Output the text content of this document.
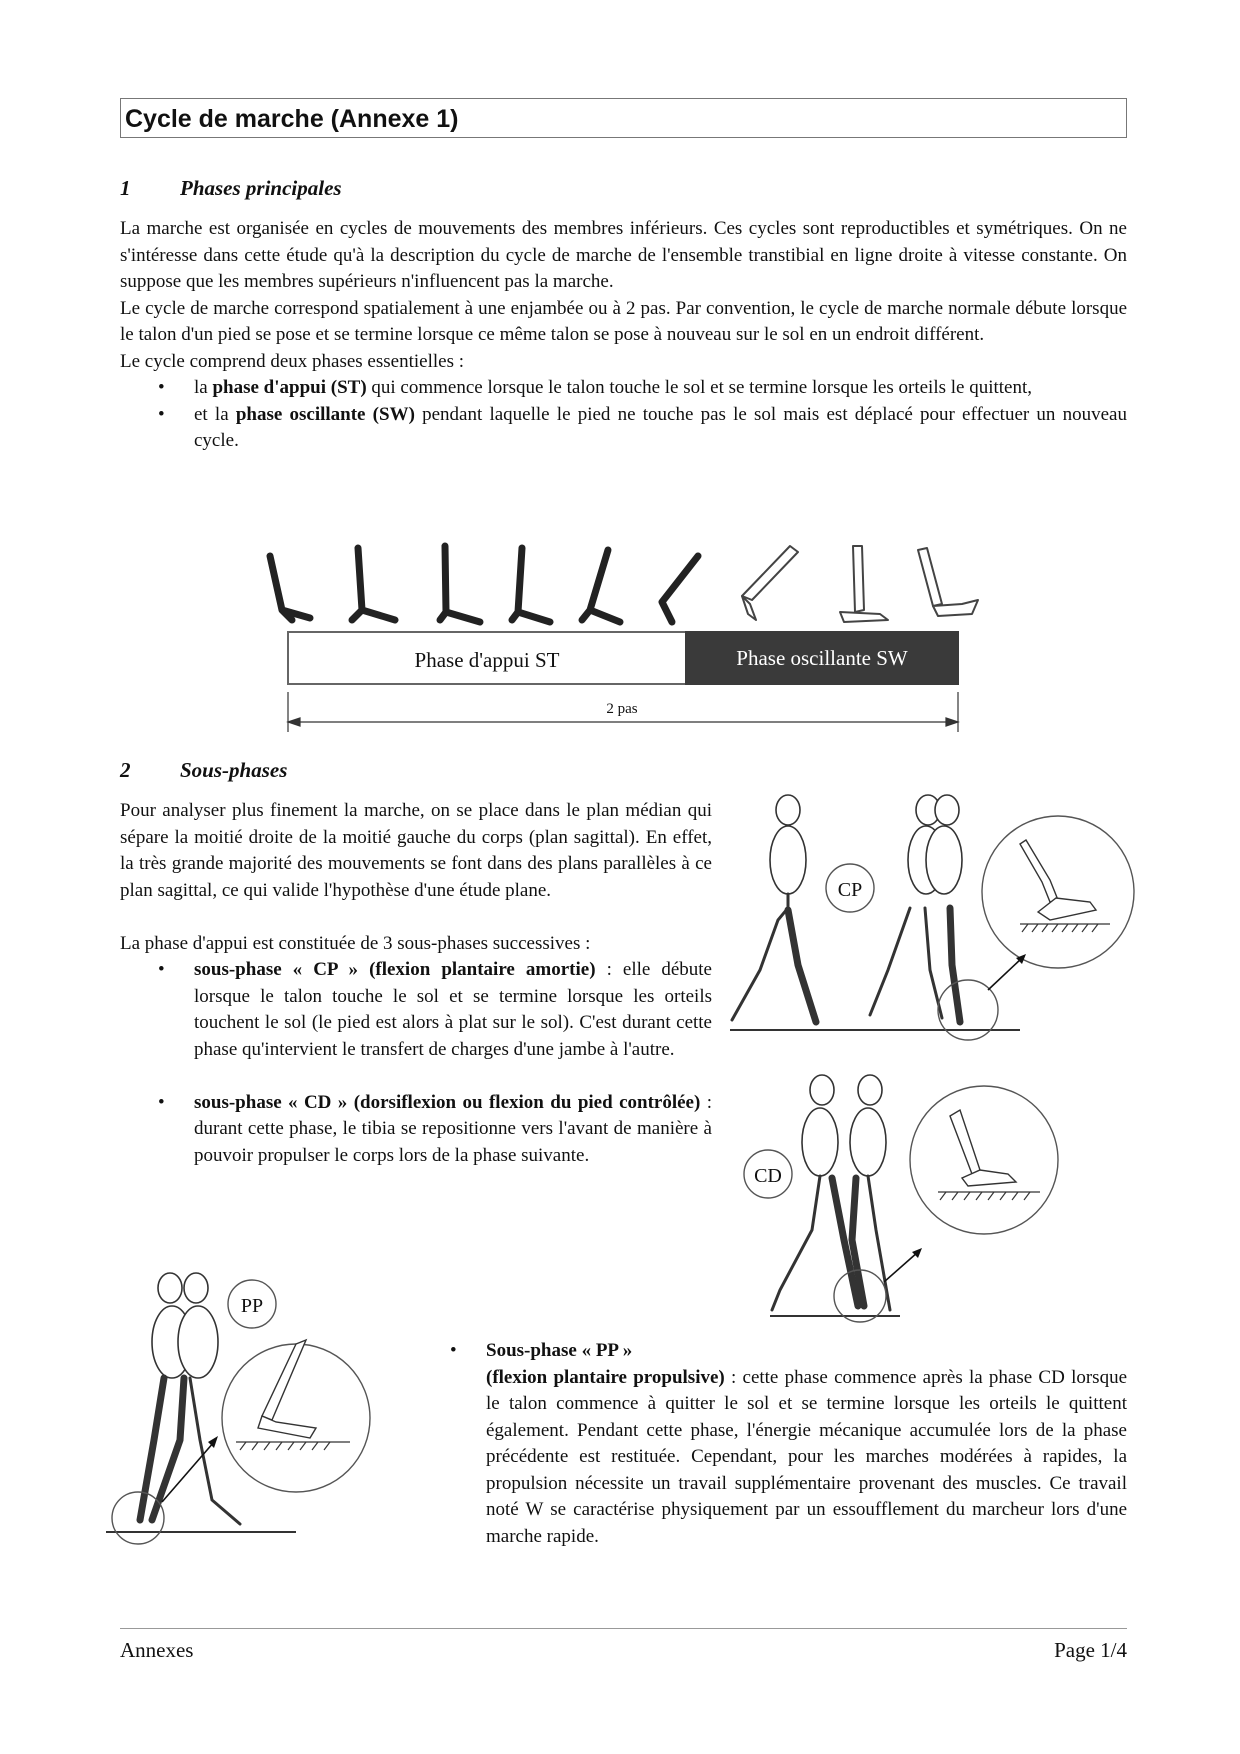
Cycle de marche (Annexe 1)
1 Phases principales

La marche est organisée en cycles de mouvements des membres inférieurs. Ces cycles sont reproductibles et symétriques. On ne s'intéresse dans cette étude qu'à la description du cycle de marche de l'ensemble transtibial en ligne droite à vitesse constante. On suppose que les membres supérieurs n'influencent pas la marche.

Le cycle de marche correspond spatialement à une enjambée ou à 2 pas. Par convention, le cycle de marche normale débute lorsque le talon d'un pied se pose et se termine lorsque ce même talon se pose à nouveau sur le sol en un endroit différent.

Le cycle comprend deux phases essentielles :

• la phase d'appui (ST) qui commence lorsque le talon touche le sol et se termine lorsque les orteils le quittent,

• et la phase oscillante (SW) pendant laquelle le pied ne touche pas le sol mais est déplacé pour effectuer un nouveau cycle.

Phase d'appui ST	Phase oscillante SW
2 pas
2 Sous-phases

Pour analyser plus finement la marche, on se place dans le plan médian qui sépare la moitié droite de la moitié gauche du corps (plan sagittal). En effet, la très grande majorité des mouvements se font dans des plans parallèles à ce plan sagittal, ce qui valide l'hypothèse d'une étude plane.

La phase d'appui est constituée de 3 sous-phases successives :

• sous-phase « CP » (flexion plantaire amortie) : elle débute lorsque le talon touche le sol et se termine lorsque les orteils touchent le sol (le pied est alors à plat sur le sol). C'est durant cette phase qu'intervient le transfert de charges d'une jambe à l'autre.

• sous-phase « CD » (dorsiflexion ou flexion du pied contrôlée) : durant cette phase, le tibia se repositionne vers l'avant de manière à pouvoir propulser le corps lors de la phase suivante.

• Sous-phase « PP »
(flexion plantaire propulsive) : cette phase commence après la phase CD lorsque le talon commence à quitter le sol et se termine lorsque les orteils le quittent également. Pendant cette phase, l'énergie mécanique accumulée lors de la phase précédente est restituée. Cependant, pour les marches modérées à rapides, la propulsion nécessite un travail supplémentaire provenant des muscles. Ce travail noté W se caractérise physiquement par un essoufflement du marcheur lors d'une marche rapide.

CP
CD
PP
Annexes	Page 1/4
